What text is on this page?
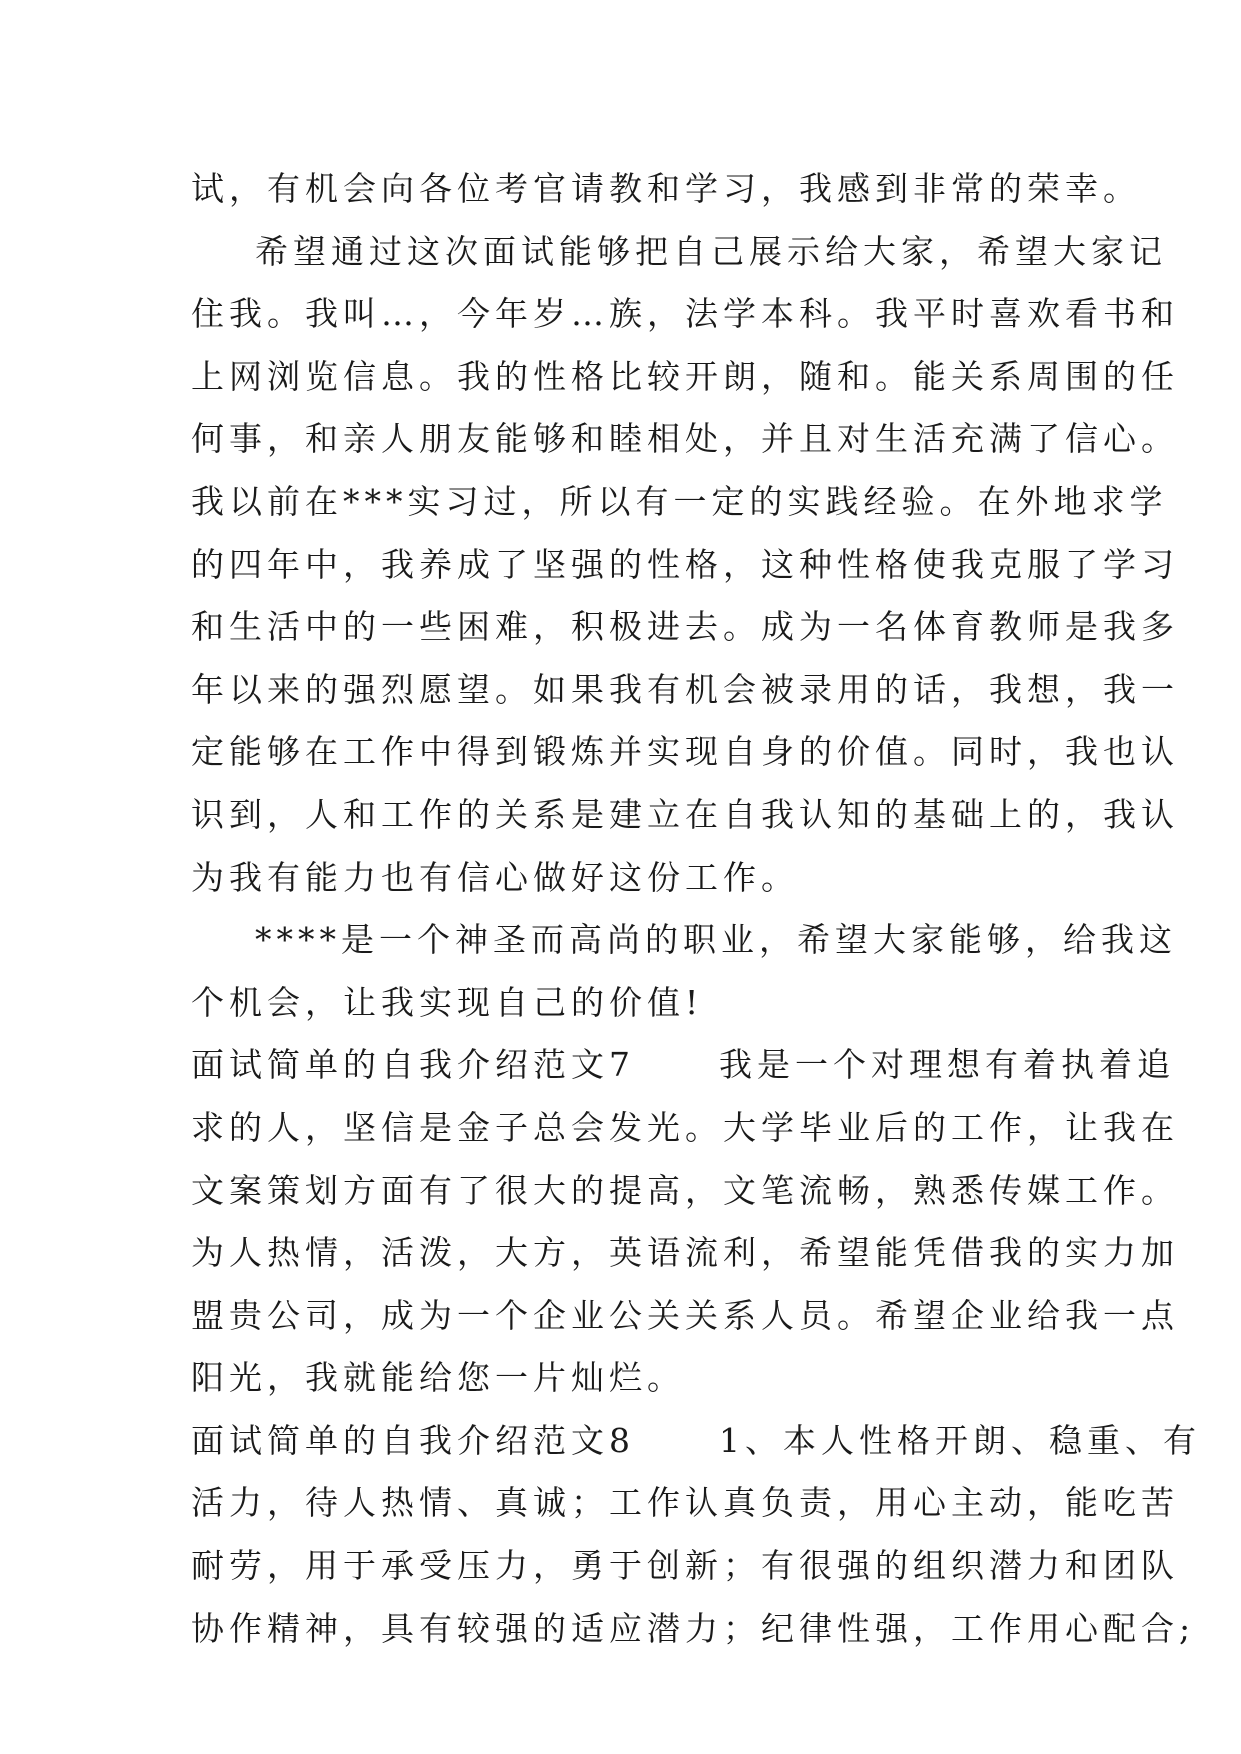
试，有机会向各位考官请教和学习，我感到非常的荣幸。
希望通过这次面试能够把自己展示给大家，希望大家记
住我。我叫…，今年岁…族，法学本科。我平时喜欢看书和
上网浏览信息。我的性格比较开朗，随和。能关系周围的任
何事，和亲人朋友能够和睦相处，并且对生活充满了信心。
我以前在***实习过，所以有一定的实践经验。在外地求学
的四年中，我养成了坚强的性格，这种性格使我克服了学习
和生活中的一些困难，积极进去。成为一名体育教师是我多
年以来的强烈愿望。如果我有机会被录用的话，我想，我一
定能够在工作中得到锻炼并实现自身的价值。同时，我也认
识到，人和工作的关系是建立在自我认知的基础上的，我认
为我有能力也有信心做好这份工作。
****是一个神圣而高尚的职业，希望大家能够，给我这
个机会，让我实现自己的价值!
面试简单的自我介绍范文7	我是一个对理想有着执着追
求的人，坚信是金子总会发光。大学毕业后的工作，让我在
文案策划方面有了很大的提高，文笔流畅，熟悉传媒工作。
为人热情，活泼，大方，英语流利，希望能凭借我的实力加
盟贵公司，成为一个企业公关关系人员。希望企业给我一点
阳光，我就能给您一片灿烂。
面试简单的自我介绍范文8	1、本人性格开朗、稳重、有
活力，待人热情、真诚；工作认真负责，用心主动，能吃苦
耐劳，用于承受压力，勇于创新；有很强的组织潜力和团队
协作精神，具有较强的适应潜力；纪律性强，工作用心配合;
